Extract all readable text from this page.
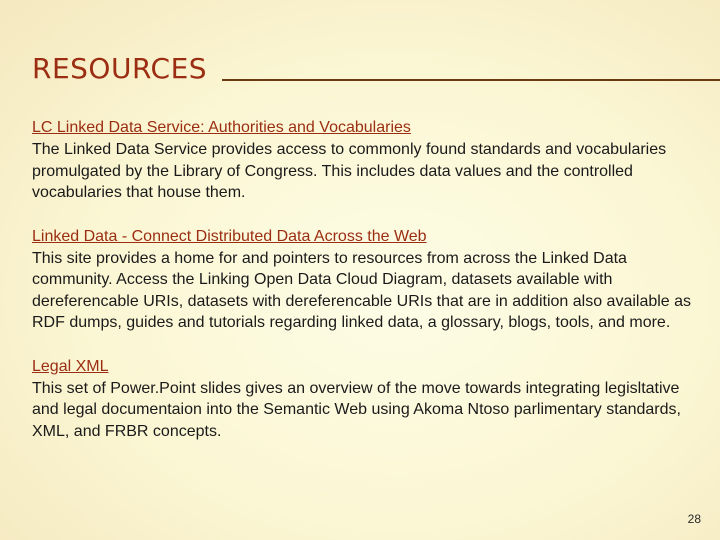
RESOURCES
LC Linked Data Service: Authorities and Vocabularies

The Linked Data Service provides access to commonly found standards and vocabularies promulgated by the Library of Congress. This includes data values and the controlled vocabularies that house them.

Linked Data - Connect Distributed Data Across the Web

This site provides a home for and pointers to resources from across the Linked Data community. Access the Linking Open Data Cloud Diagram, datasets available with dereferencable URIs, datasets with dereferencable URIs that are in addition also available as RDF dumps, guides and tutorials regarding linked data, a glossary, blogs, tools, and more.

Legal XML

This set of Power.Point slides gives an overview of the move towards integrating legisltative and legal documentaion into the Semantic Web using Akoma Ntoso parlimentary standards, XML, and FRBR concepts.

28
